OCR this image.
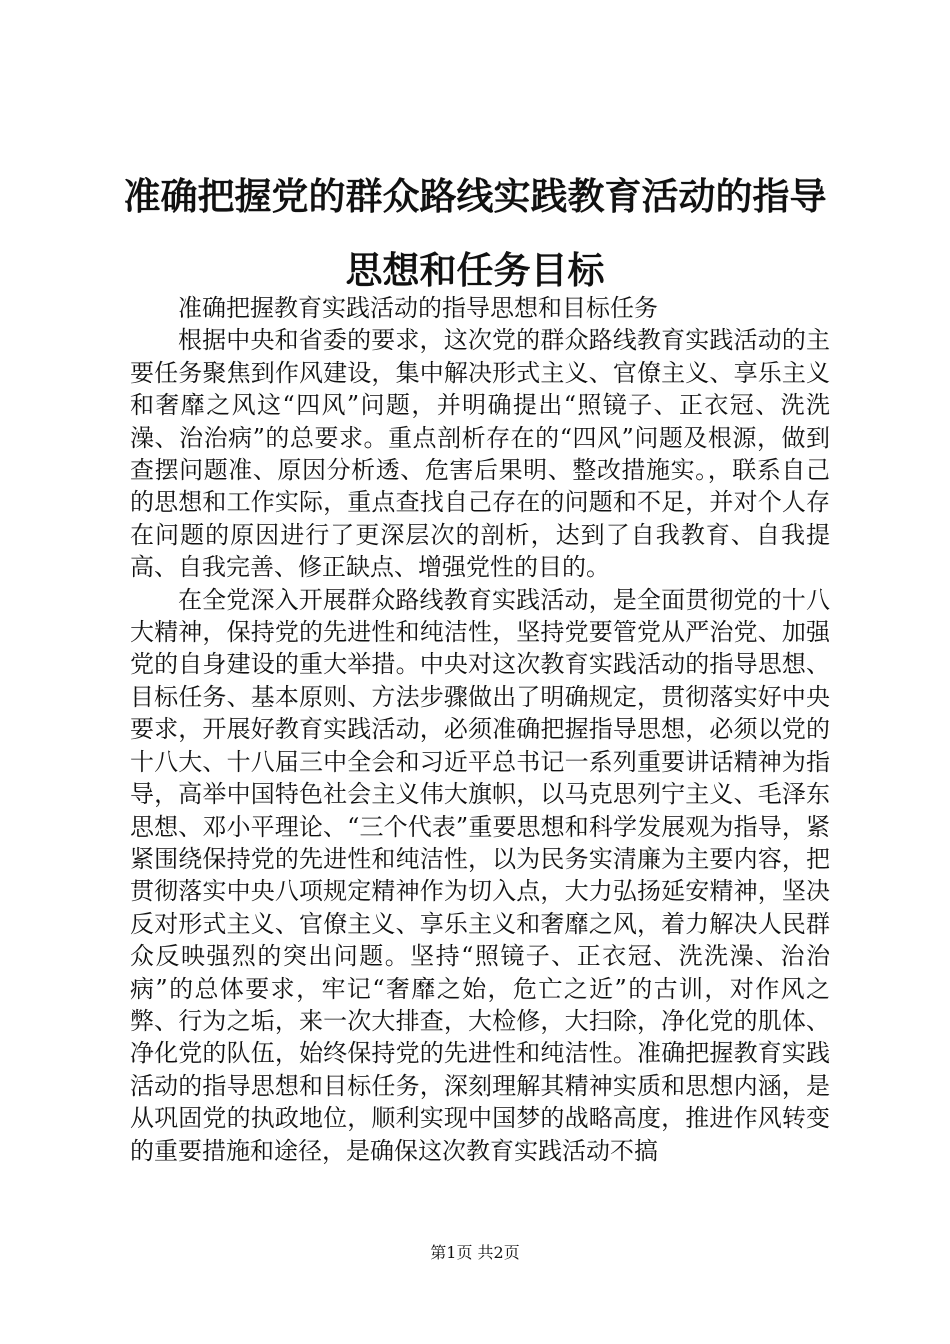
准确把握党的群众路线实践教育活动的指导思想和任务目标

准确把握教育实践活动的指导思想和目标任务

根据中央和省委的要求，这次党的群众路线教育实践活动的主要任务聚焦到作风建设，集中解决形式主义、官僚主义、享乐主义和奢靡之风这“四风”问题，并明确提出“照镜子、正衣冠、洗洗澡、治治病”的总要求。重点剖析存在的“四风”问题及根源，做到查摆问题准、原因分析透、危害后果明、整改措施实。，联系自己的思想和工作实际，重点查找自己存在的问题和不足，并对个人存在问题的原因进行了更深层次的剖析，达到了自我教育、自我提高、自我完善、修正缺点、增强党性的目的。

在全党深入开展群众路线教育实践活动，是全面贯彻党的十八大精神，保持党的先进性和纯洁性，坚持党要管党从严治党、加强党的自身建设的重大举措。中央对这次教育实践活动的指导思想、目标任务、基本原则、方法步骤做出了明确规定，贯彻落实好中央要求，开展好教育实践活动，必须准确把握指导思想，必须以党的十八大、十八届三中全会和习近平总书记一系列重要讲话精神为指导，高举中国特色社会主义伟大旗帜，以马克思列宁主义、毛泽东思想、邓小平理论、“三个代表”重要思想和科学发展观为指导，紧紧围绕保持党的先进性和纯洁性，以为民务实清廉为主要内容，把贯彻落实中央八项规定精神作为切入点，大力弘扬延安精神，坚决反对形式主义、官僚主义、享乐主义和奢靡之风，着力解决人民群众反映强烈的突出问题。坚持“照镜子、正衣冠、洗洗澡、治治病”的总体要求，牢记“奢靡之始，危亡之近”的古训，对作风之弊、行为之垢，来一次大排查，大检修，大扫除，净化党的肌体、净化党的队伍，始终保持党的先进性和纯洁性。准确把握教育实践活动的指导思想和目标任务，深刻理解其精神实质和思想内涵，是从巩固党的执政地位，顺利实现中国梦的战略高度，推进作风转变的重要措施和途径，是确保这次教育实践活动不搞

第1页 共2页
